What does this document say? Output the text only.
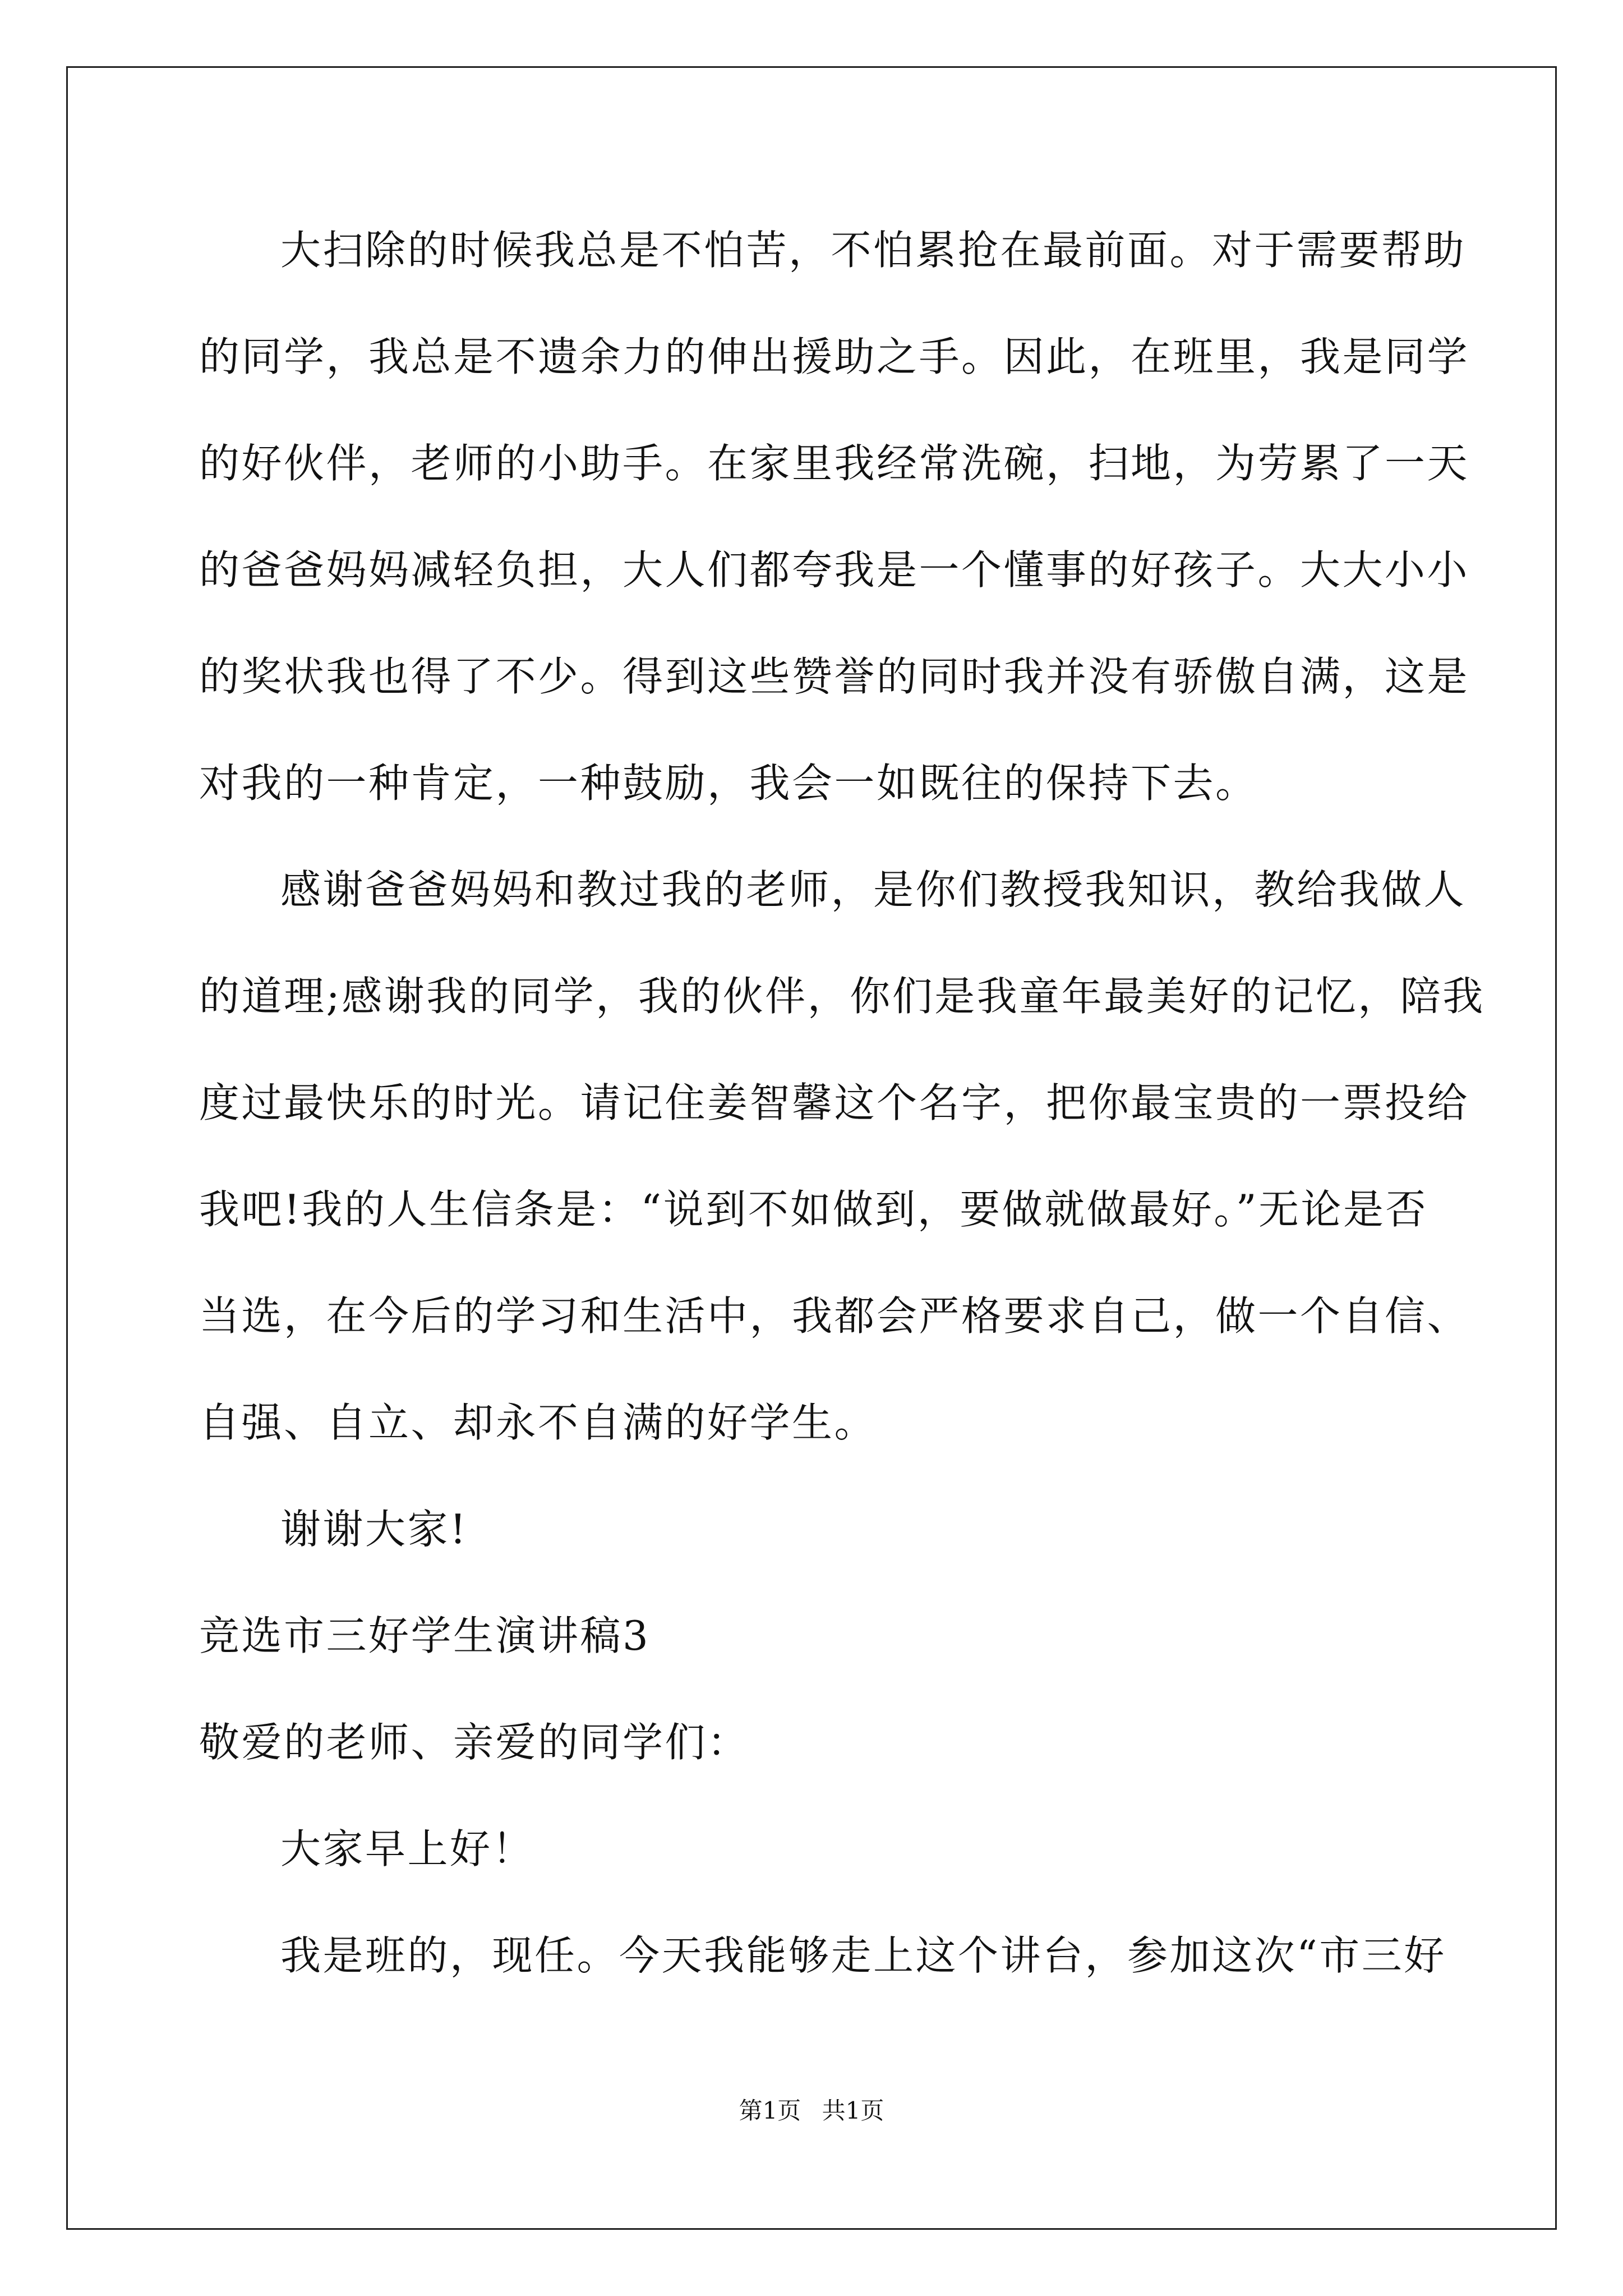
大扫除的时候我总是不怕苦，不怕累抢在最前面。对于需要帮助
的同学，我总是不遗余力的伸出援助之手。因此，在班里，我是同学
的好伙伴，老师的小助手。在家里我经常洗碗，扫地，为劳累了一天
的爸爸妈妈减轻负担，大人们都夸我是一个懂事的好孩子。大大小小
的奖状我也得了不少。得到这些赞誉的同时我并没有骄傲自满，这是
对我的一种肯定，一种鼓励，我会一如既往的保持下去。
感谢爸爸妈妈和教过我的老师，是你们教授我知识，教给我做人
的道理;感谢我的同学，我的伙伴，你们是我童年最美好的记忆，陪我
度过最快乐的时光。请记住姜智馨这个名字，把你最宝贵的一票投给
我吧!我的人生信条是：“说到不如做到，要做就做最好。”无论是否
当选，在今后的学习和生活中，我都会严格要求自己，做一个自信、
自强、自立、却永不自满的好学生。
谢谢大家!
竞选市三好学生演讲稿3
敬爱的老师、亲爱的同学们：
大家早上好！
我是班的，现任。今天我能够走上这个讲台，参加这次“市三好
第1页 共1页
